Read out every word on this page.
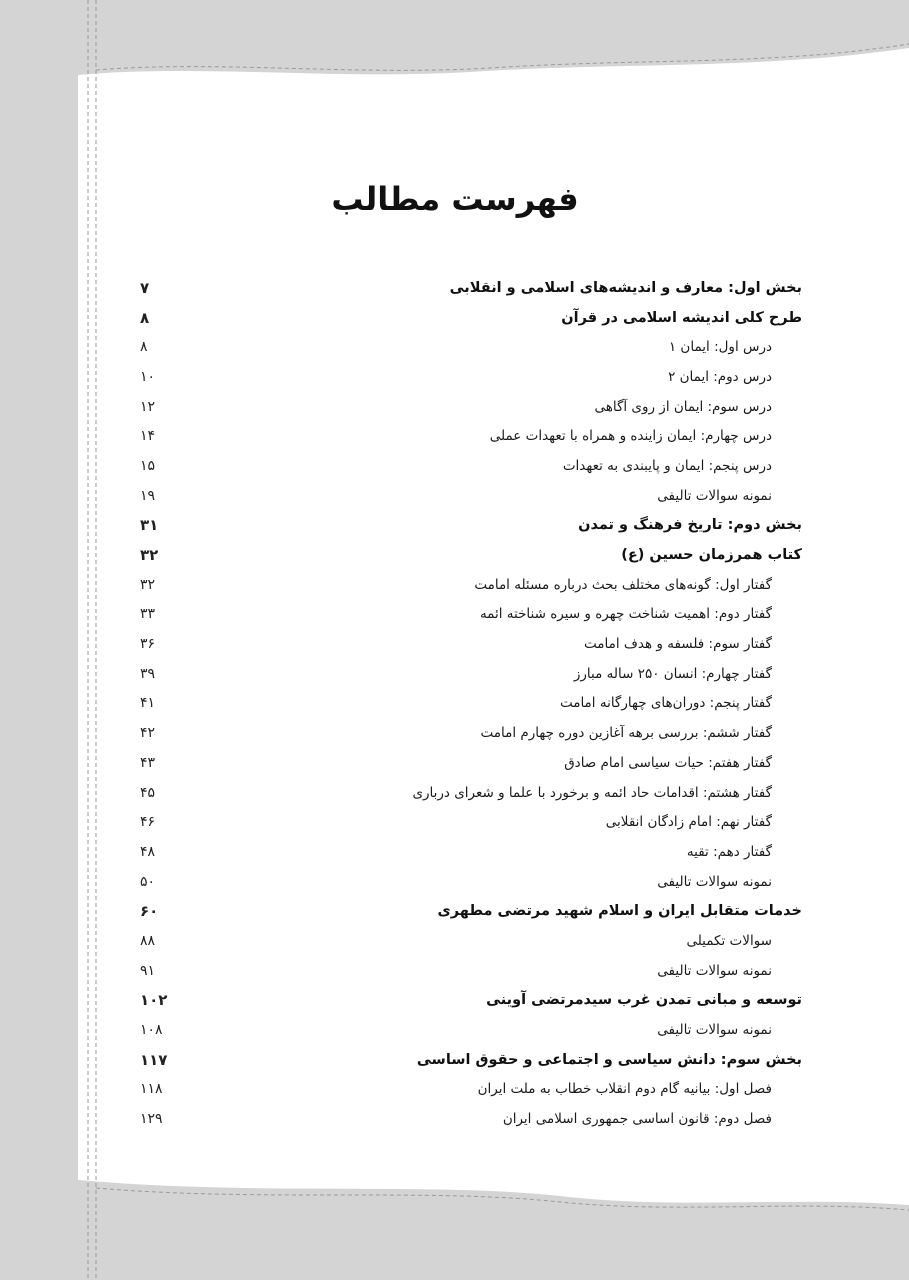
فهرست مطالب
بخش اول: معارف و اندیشه‌های اسلامی و انقلابی
۷
طرح کلی اندیشه اسلامی در قرآن
۸
درس اول: ایمان ۱
۸
درس دوم: ایمان ۲
۱۰
درس سوم: ایمان از روی آگاهی
۱۲
درس چهارم: ایمان زاینده و همراه با تعهدات عملی
۱۴
درس پنجم: ایمان و پایبندی به تعهدات
۱۵
نمونه سوالات تالیفی
۱۹
بخش دوم: تاریخ فرهنگ و تمدن
۳۱
کتاب همرزمان حسین (ع)
۳۲
گفتار اول: گونه‌های مختلف بحث درباره مسئله امامت
۳۲
گفتار دوم: اهمیت شناخت چهره و سیره شناخته ائمه
۳۳
گفتار سوم: فلسفه و هدف امامت
۳۶
گفتار چهارم: انسان ۲۵۰ ساله مبارز
۳۹
گفتار پنجم: دوران‌های چهارگانه امامت
۴۱
گفتار ششم: بررسی برهه آغازین دوره چهارم امامت
۴۲
گفتار هفتم: حیات سیاسی امام صادق
۴۳
گفتار هشتم: اقدامات حاد ائمه و برخورد با علما و شعرای درباری
۴۵
گفتار نهم: امام زادگان انقلابی
۴۶
گفتار دهم: تقیه
۴۸
نمونه سوالات تالیفی
۵۰
خدمات متقابل ایران و اسلام شهید مرتضی مطهری
۶۰
سوالات تکمیلی
۸۸
نمونه سوالات تالیفی
۹۱
توسعه و مبانی تمدن غرب سیدمرتضی آوینی
۱۰۲
نمونه سوالات تالیفی
۱۰۸
بخش سوم: دانش سیاسی و اجتماعی و حقوق اساسی
۱۱۷
فصل اول: بیانیه گام دوم انقلاب خطاب به ملت ایران
۱۱۸
فصل دوم: قانون اساسی جمهوری اسلامی ایران
۱۲۹
